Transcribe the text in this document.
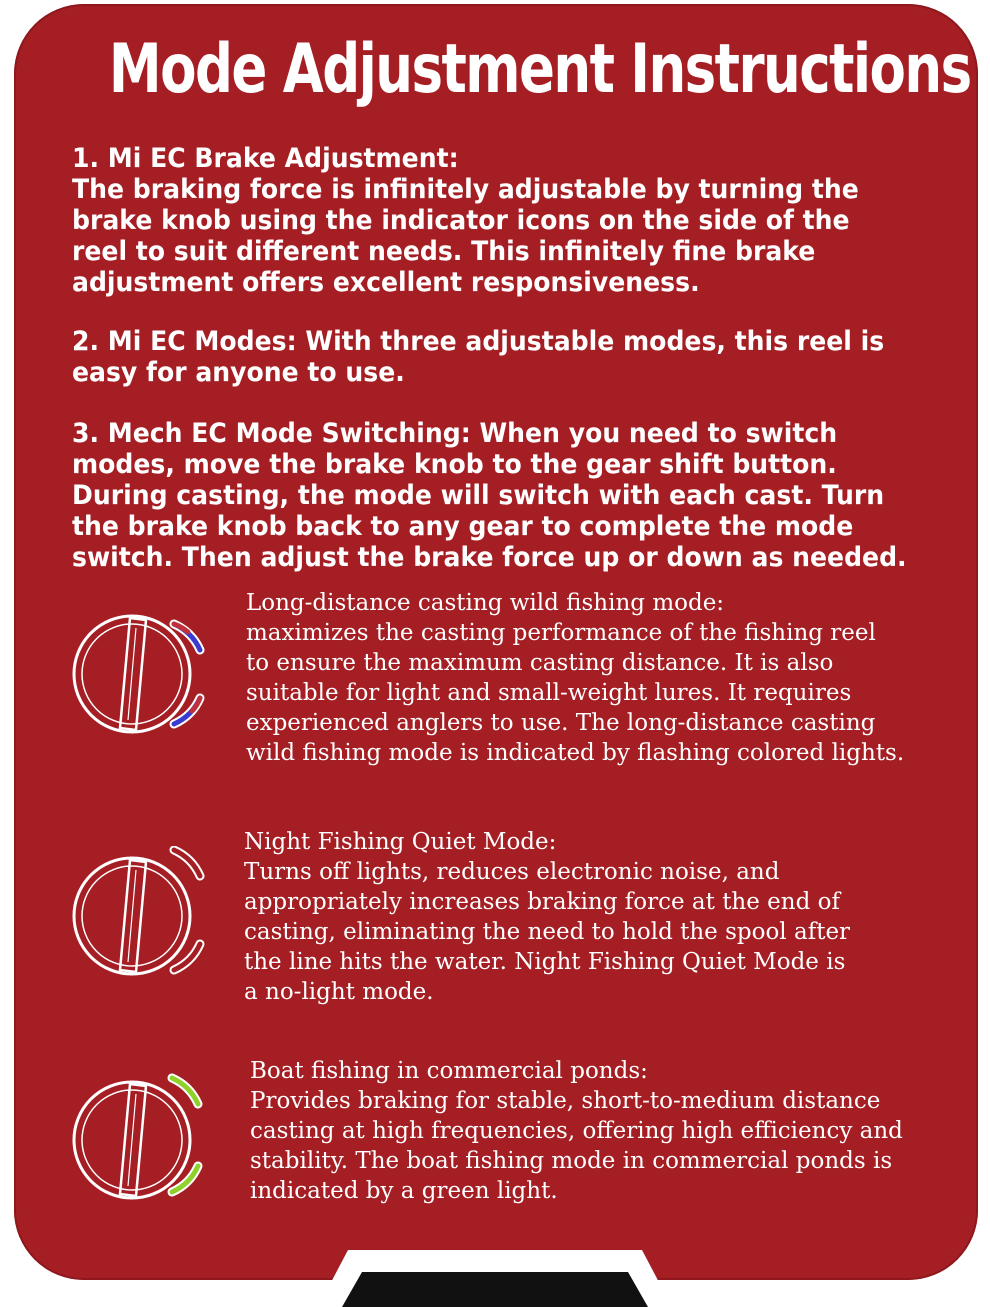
Mode Adjustment Instructions

1. Mi EC Brake Adjustment:

The braking force is infinitely adjustable by turning the brake knob using the indicator icons on the side of the reel to suit different needs. This infinitely fine brake adjustment offers excellent responsiveness.

2. Mi EC Modes: With three adjustable modes, this reel is easy for anyone to use.

3. Mech EC Mode Switching: When you need to switch modes, move the brake knob to the gear shift button. During casting, the mode will switch with each cast. Turn the brake knob back to any gear to complete the mode switch. Then adjust the brake force up or down as needed.

Long-distance casting wild fishing mode:

maximizes the casting performance of the fishing reel

to ensure the maximum casting distance. It is also

suitable for light and small-weight lures. It requires

experienced anglers to use. The long-distance casting

wild fishing mode is indicated by flashing colored lights.

Night Fishing Quiet Mode:

Turns off lights, reduces electronic noise, and

appropriately increases braking force at the end of

casting, eliminating the need to hold the spool after

the line hits the water. Night Fishing Quiet Mode is

a no-light mode.

Boat fishing in commercial ponds:

Provides braking for stable, short-to-medium distance

casting at high frequencies, offering high efficiency and

stability. The boat fishing mode in commercial ponds is

indicated by a green light.
